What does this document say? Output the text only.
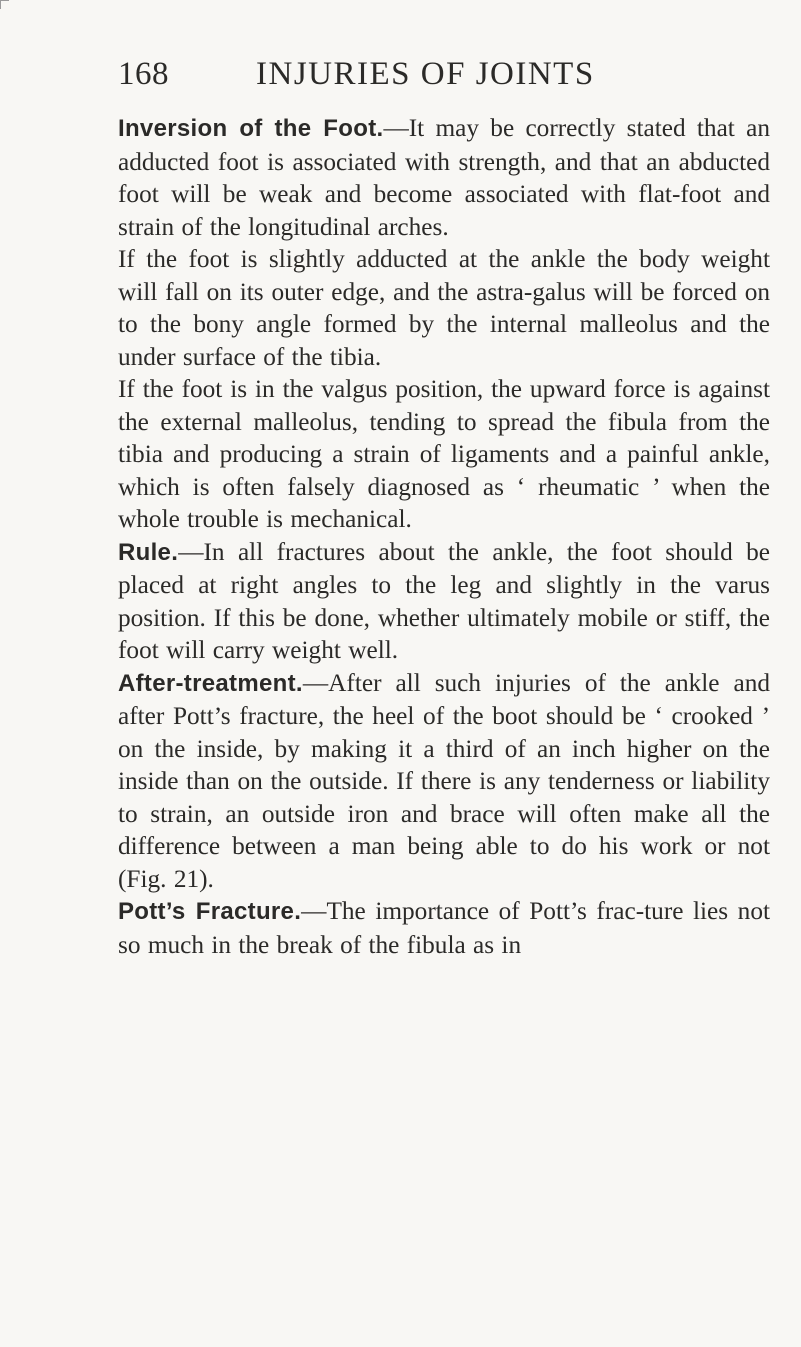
168	INJURIES OF JOINTS

Inversion of the Foot.—It may be correctly stated that an adducted foot is associated with strength, and that an abducted foot will be weak and become associated with flat-foot and strain of the longitudinal arches.

If the foot is slightly adducted at the ankle the body weight will fall on its outer edge, and the astra-galus will be forced on to the bony angle formed by the internal malleolus and the under surface of the tibia.

If the foot is in the valgus position, the upward force is against the external malleolus, tending to spread the fibula from the tibia and producing a strain of ligaments and a painful ankle, which is often falsely diagnosed as ‘ rheumatic ’ when the whole trouble is mechanical.

Rule.—In all fractures about the ankle, the foot should be placed at right angles to the leg and slightly in the varus position. If this be done, whether ultimately mobile or stiff, the foot will carry weight well.

After-treatment.—After all such injuries of the ankle and after Pott’s fracture, the heel of the boot should be ‘ crooked ’ on the inside, by making it a third of an inch higher on the inside than on the outside. If there is any tenderness or liability to strain, an outside iron and brace will often make all the difference between a man being able to do his work or not (Fig. 21).

Pott’s Fracture.—The importance of Pott’s frac-ture lies not so much in the break of the fibula as in
